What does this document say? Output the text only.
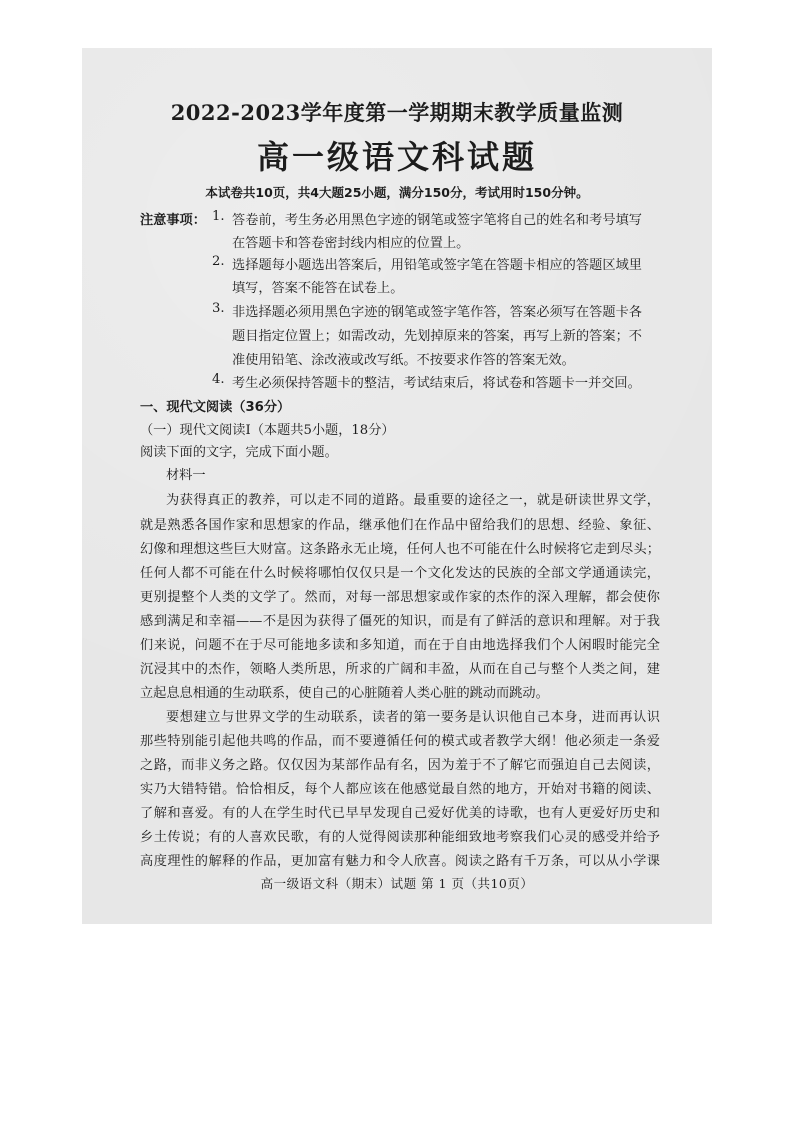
2022-2023学年度第一学期期末教学质量监测
高一级语文科试题
本试卷共10页，共4大题25小题，满分150分，考试用时150分钟。
注意事项： 1. 答卷前，考生务必用黑色字迹的钢笔或签字笔将自己的姓名和考号填写
在答题卡和答卷密封线内相应的位置上。
2. 选择题每小题选出答案后，用铅笔或签字笔在答题卡相应的答题区域里
填写，答案不能答在试卷上。
3. 非选择题必须用黑色字迹的钢笔或签字笔作答，答案必须写在答题卡各
题目指定位置上；如需改动，先划掉原来的答案，再写上新的答案；不
准使用铅笔、涂改液或改写纸。不按要求作答的答案无效。
4. 考生必须保持答题卡的整洁，考试结束后，将试卷和答题卡一并交回。
一、现代文阅读（36分）
（一）现代文阅读Ⅰ（本题共5小题，18分）
阅读下面的文字，完成下面小题。
材料一
为获得真正的教养，可以走不同的道路。最重要的途径之一，就是研读世界文学，
就是熟悉各国作家和思想家的作品，继承他们在作品中留给我们的思想、经验、象征、
幻像和理想这些巨大财富。这条路永无止境，任何人也不可能在什么时候将它走到尽头；
任何人都不可能在什么时候将哪怕仅仅只是一个文化发达的民族的全部文学通通读完，
更别提整个人类的文学了。然而，对每一部思想家或作家的杰作的深入理解，都会使你
感到满足和幸福——不是因为获得了僵死的知识，而是有了鲜活的意识和理解。对于我
们来说，问题不在于尽可能地多读和多知道，而在于自由地选择我们个人闲暇时能完全
沉浸其中的杰作，领略人类所思，所求的广阔和丰盈，从而在自己与整个人类之间，建
立起息息相通的生动联系，使自己的心脏随着人类心脏的跳动而跳动。
要想建立与世界文学的生动联系，读者的第一要务是认识他自己本身，进而再认识
那些特别能引起他共鸣的作品，而不要遵循任何的模式或者教学大纲！他必须走一条爱
之路，而非义务之路。仅仅因为某部作品有名，因为羞于不了解它而强迫自己去阅读，
实乃大错特错。恰恰相反，每个人都应该在他感觉最自然的地方，开始对书籍的阅读、
了解和喜爱。有的人在学生时代已早早发现自己爱好优美的诗歌，也有人更爱好历史和
乡土传说；有的人喜欢民歌，有的人觉得阅读那种能细致地考察我们心灵的感受并给予
高度理性的解释的作品，更加富有魅力和令人欣喜。阅读之路有千万条，可以从小学课
高一级语文科（期末）试题 第 1 页（共10页）
